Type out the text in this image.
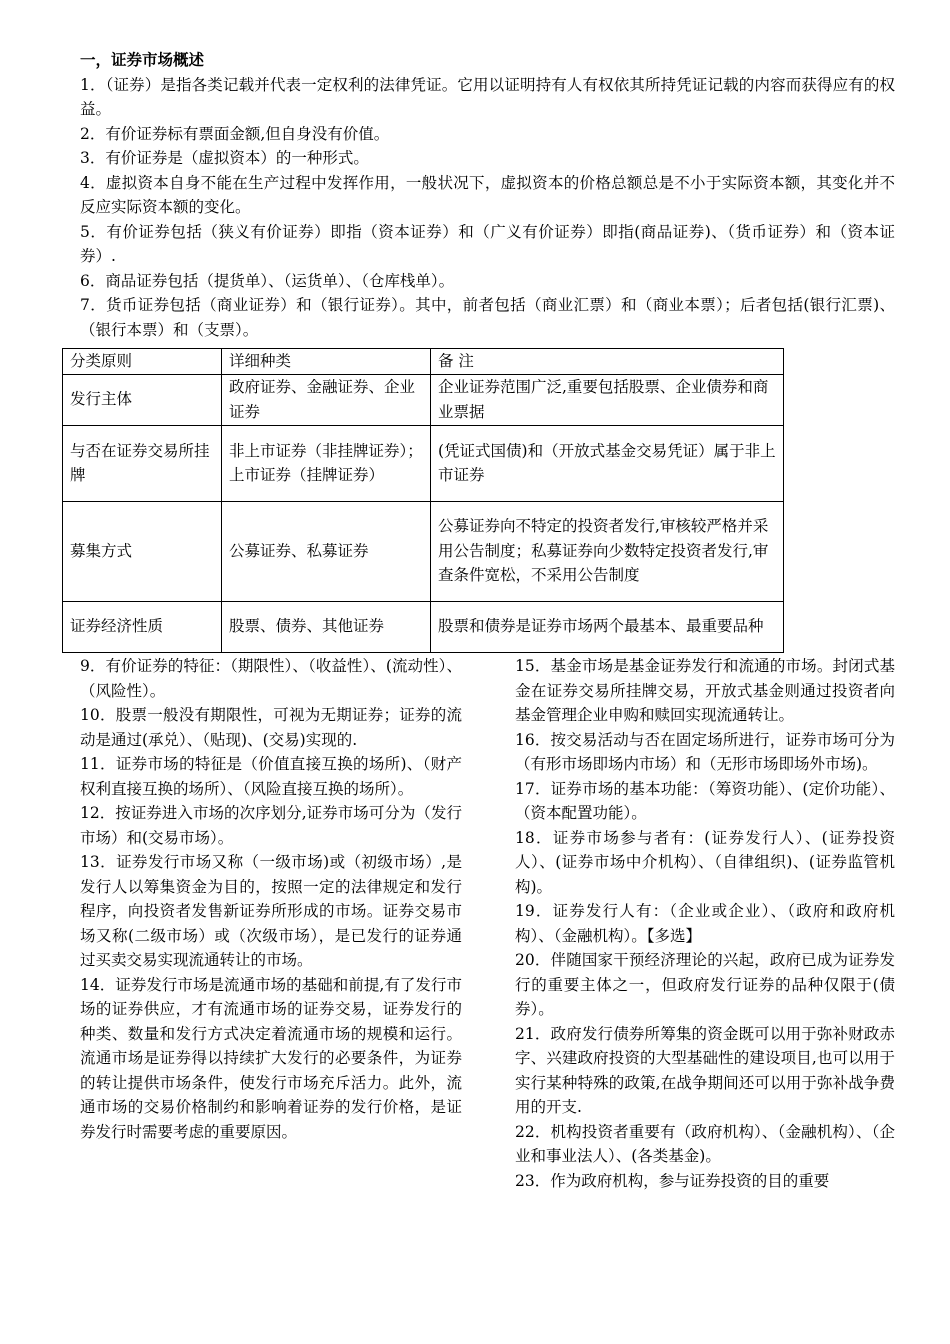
一，证券市场概述

1．（证券）是指各类记载并代表一定权利的法律凭证。它用以证明持有人有权依其所持凭证记载的内容而获得应有的权益。

2．有价证券标有票面金额,但自身没有价值。

3．有价证券是（虚拟资本）的一种形式。

4．虚拟资本自身不能在生产过程中发挥作用，一般状况下，虚拟资本的价格总额总是不小于实际资本额，其变化并不反应实际资本额的变化。

5．有价证券包括（狭义有价证券）即指（资本证券）和（广义有价证券）即指(商品证券)、（货币证券）和（资本证券）.

6．商品证券包括（提货单）、（运货单）、（仓库栈单）。

7．货币证券包括（商业证券）和（银行证券）。其中，前者包括（商业汇票）和（商业本票）；后者包括(银行汇票)、（银行本票）和（支票）。

分类原则	详细种类	备 注
发行主体	政府证券、金融证券、企业证券	企业证券范围广泛,重要包括股票、企业债券和商业票据
与否在证券交易所挂牌	非上市证券（非挂牌证券）；上市证券（挂牌证券）	(凭证式国债)和（开放式基金交易凭证）属于非上市证券
募集方式	公募证券、私募证券	公募证券向不特定的投资者发行,审核较严格并采用公告制度；私募证券向少数特定投资者发行,审查条件宽松，不采用公告制度
证券经济性质	股票、债券、其他证券	股票和债券是证券市场两个最基本、最重要品种

9．有价证券的特征：（期限性）、（收益性）、(流动性）、（风险性）。

10．股票一般没有期限性，可视为无期证券；证券的流动是通过(承兑）、（贴现)、(交易)实现的.

11．证券市场的特征是（价值直接互换的场所)、（财产权利直接互换的场所）、（风险直接互换的场所）。

12．按证券进入市场的次序划分,证券市场可分为（发行市场）和(交易市场）。

13．证券发行市场又称（一级市场)或（初级市场）,是发行人以筹集资金为目的，按照一定的法律规定和发行程序，向投资者发售新证券所形成的市场。证券交易市场又称(二级市场）或（次级市场），是已发行的证券通过买卖交易实现流通转让的市场。

14．证券发行市场是流通市场的基础和前提,有了发行市场的证券供应，才有流通市场的证券交易，证券发行的种类、数量和发行方式决定着流通市场的规模和运行。流通市场是证券得以持续扩大发行的必要条件，为证券的转让提供市场条件，使发行市场充斥活力。此外，流通市场的交易价格制约和影响着证券的发行价格，是证券发行时需要考虑的重要原因。

15．基金市场是基金证券发行和流通的市场。封闭式基金在证券交易所挂牌交易，开放式基金则通过投资者向基金管理企业申购和赎回实现流通转让。

16．按交易活动与否在固定场所进行，证券市场可分为（有形市场即场内市场）和（无形市场即场外市场)。

17．证券市场的基本功能：（筹资功能）、(定价功能）、（资本配置功能）。

18．证券市场参与者有：(证券发行人）、(证券投资人）、(证券市场中介机构）、（自律组织)、(证券监管机构)。

19．证券发行人有：（企业或企业）、（政府和政府机构）、（金融机构）。【多选】

20．伴随国家干预经济理论的兴起，政府已成为证券发行的重要主体之一，但政府发行证券的品种仅限于(债券）。

21．政府发行债券所筹集的资金既可以用于弥补财政赤字、兴建政府投资的大型基础性的建设项目,也可以用于实行某种特殊的政策,在战争期间还可以用于弥补战争费用的开支.

22．机构投资者重要有（政府机构）、（金融机构）、（企业和事业法人）、(各类基金)。

23．作为政府机构，参与证券投资的目的重要
